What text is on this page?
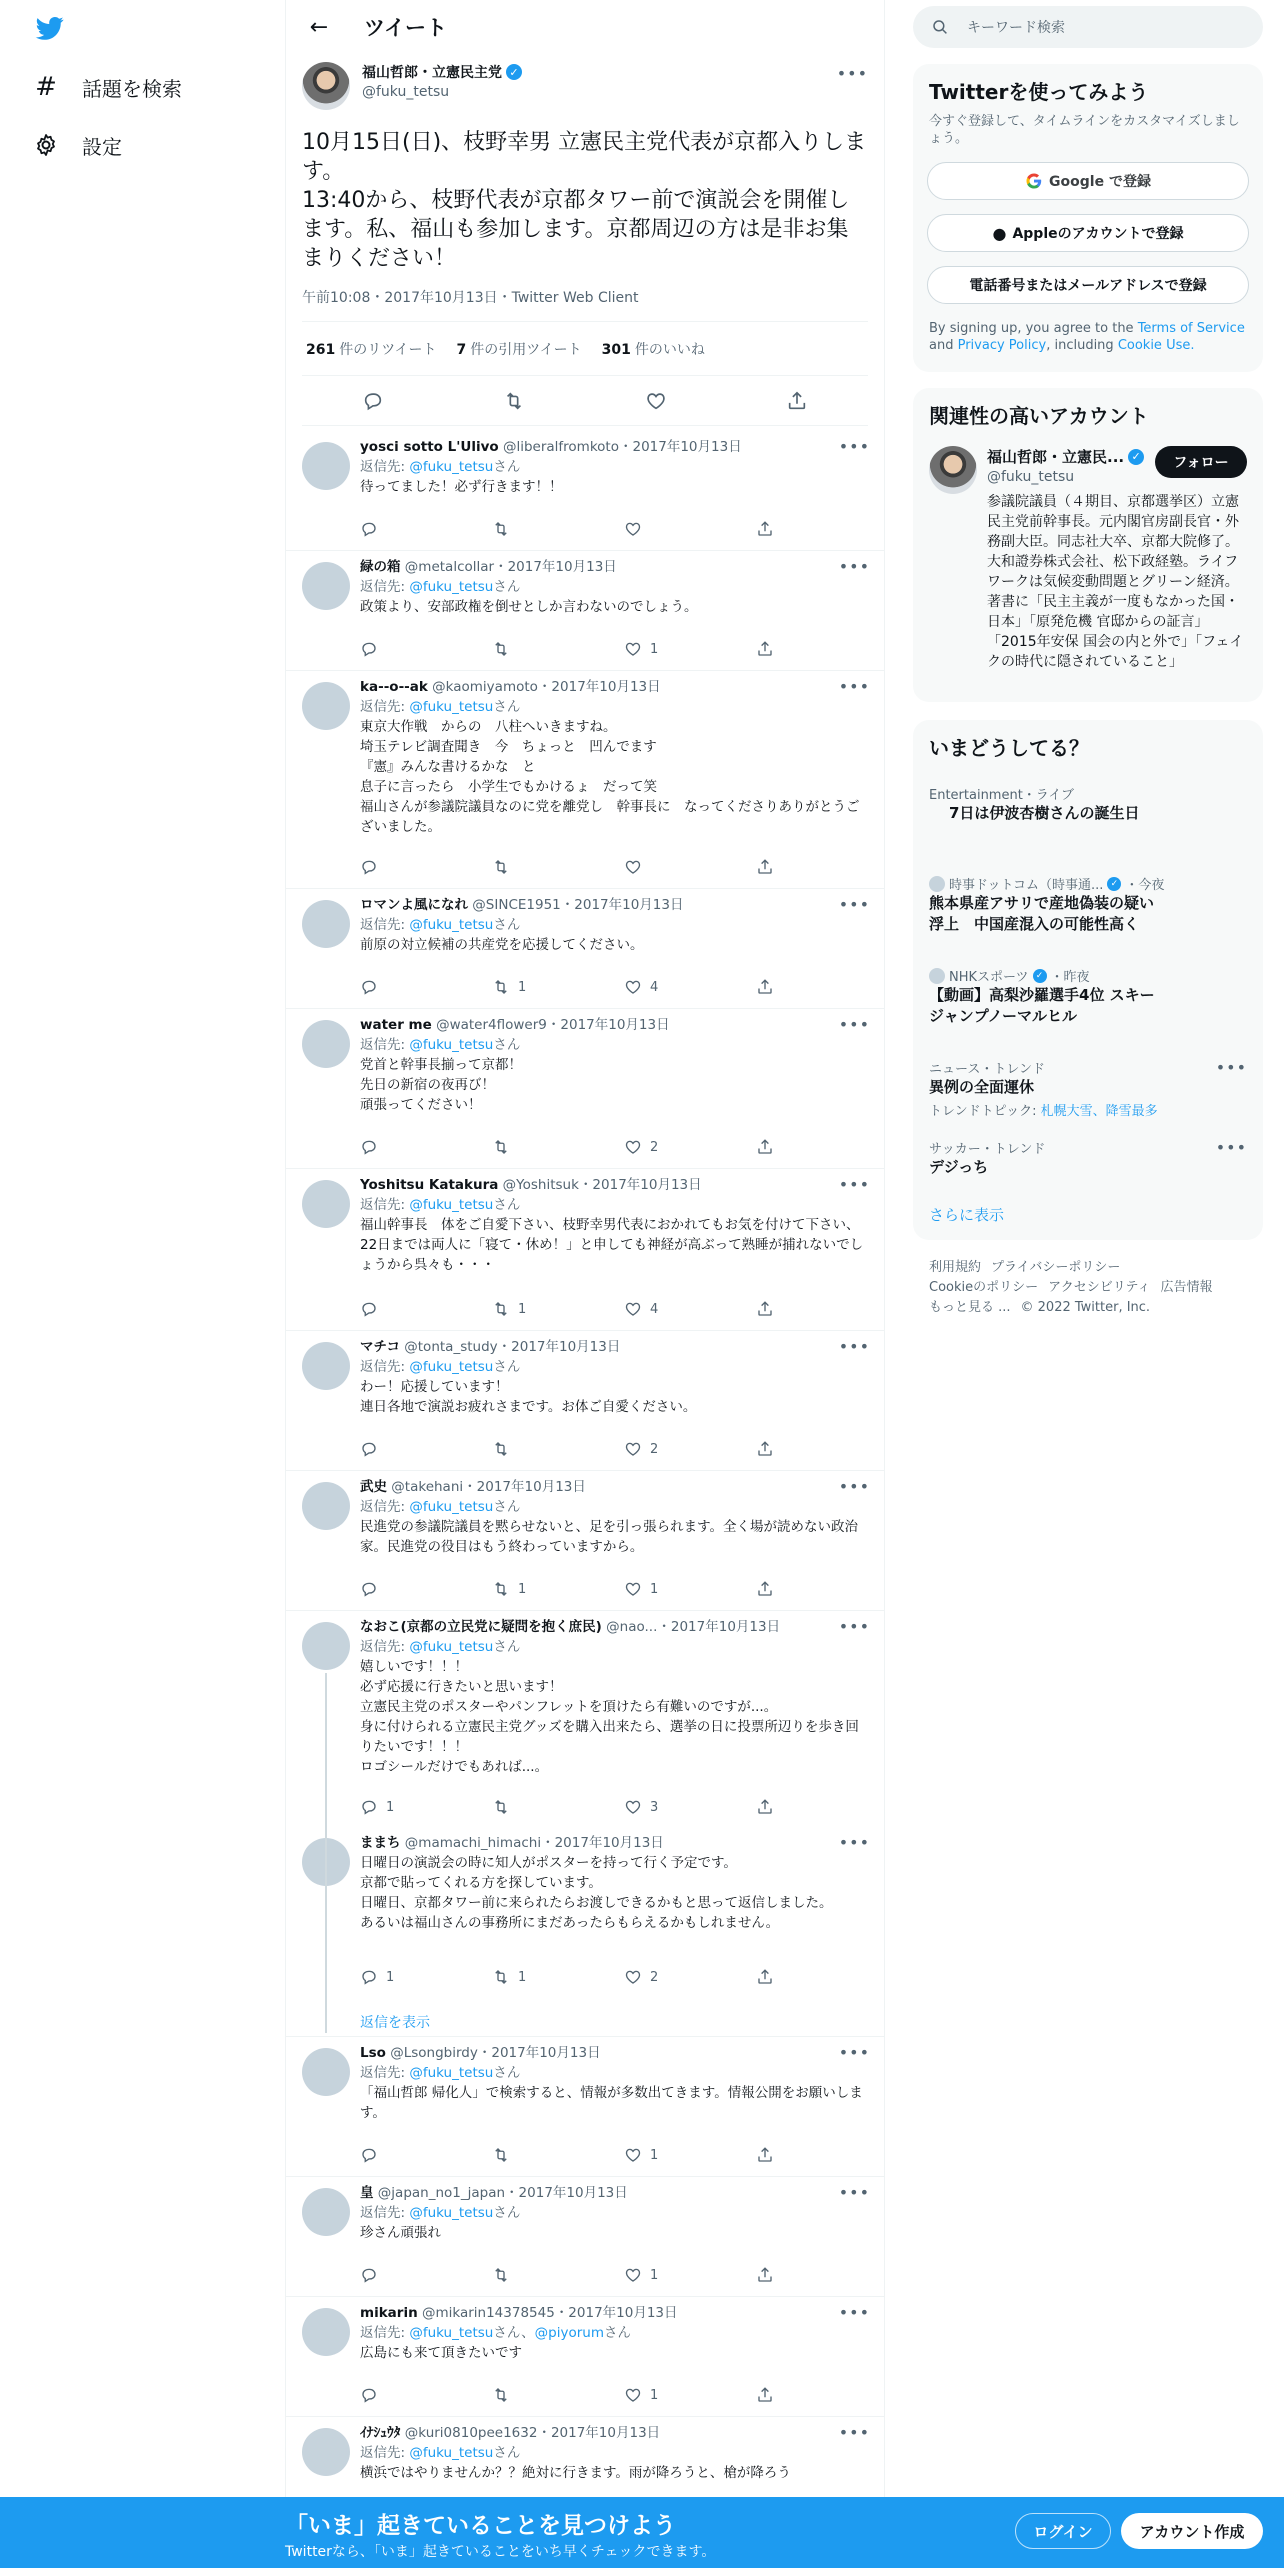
# 話題を検索
設定
←	ツイート
福山哲郎・立憲民主党 ✓
@fuku_tetsu
•••
10月15日(日)、枝野幸男 立憲民主党代表が京都入りします。
13:40から、枝野代表が京都タワー前で演説会を開催します。私、福山も参加します。京都周辺の方は是非お集まりください！
午前10:08・2017年10月13日・Twitter Web Client
261 件のリツイート 7 件の引用ツイート 301 件のいいね
yosci sotto L'Ulivo @liberalfromkoto・2017年10月13日
返信先: @fuku_tetsuさん
待ってました！必ず行きます！！
•••
緑の箱 @metalcollar・2017年10月13日
返信先: @fuku_tetsuさん
政策より、安部政権を倒せとしか言わないのでしょう。
•••
1
ka--o--ak @kaomiyamoto・2017年10月13日
返信先: @fuku_tetsuさん
東京大作戦　からの　八柱へいきますね。
埼玉テレビ調査聞き　今　ちょっと　凹んでます
『憲』みんな書けるかな　と
息子に言ったら　小学生でもかけるょ　だって笑
福山さんが参議院議員なのに党を離党し　幹事長に　なってくださりありがとうございました。
•••
ロマンよ風になれ @SINCE1951・2017年10月13日
返信先: @fuku_tetsuさん
前原の対立候補の共産党を応援してください。
•••
1	4
water me @water4flower9・2017年10月13日
返信先: @fuku_tetsuさん
党首と幹事長揃って京都！
先日の新宿の夜再び！
頑張ってください！
•••
2
Yoshitsu Katakura @Yoshitsuk・2017年10月13日
返信先: @fuku_tetsuさん
福山幹事長　体をご自愛下さい、枝野幸男代表におかれてもお気を付けて下さい、22日までは両人に「寝て・休め！」と申しても神経が高ぶって熟睡が捕れないでしょうから呉々も・・・
•••
1	4
マチコ @tonta_study・2017年10月13日
返信先: @fuku_tetsuさん
わー！応援しています！
連日各地で演説お疲れさまです。お体ご自愛ください。
•••
2
武史 @takehani・2017年10月13日
返信先: @fuku_tetsuさん
民進党の参議院議員を黙らせないと、足を引っ張られます。全く場が読めない政治家。民進党の役目はもう終わっていますから。
•••
1	1
なおこ(京都の立民党に疑問を抱く庶民) @nao...・2017年10月13日
返信先: @fuku_tetsuさん
嬉しいです！！！
必ず応援に行きたいと思います！
立憲民主党のポスターやパンフレットを頂けたら有難いのですが...。
身に付けられる立憲民主党グッズを購入出来たら、選挙の日に投票所辺りを歩き回りたいです！！！
ロゴシールだけでもあれば...。
•••
1	3
ままち @mamachi_himachi・2017年10月13日
日曜日の演説会の時に知人がポスターを持って行く予定です。
京都で貼ってくれる方を探しています。
日曜日、京都タワー前に来られたらお渡しできるかもと思って返信しました。
あるいは福山さんの事務所にまだあったらもらえるかもしれません。
•••
1	1	2
Lso @Lsongbirdy・2017年10月13日
返信先: @fuku_tetsuさん
「福山哲郎 帰化人」で検索すると、情報が多数出てきます。情報公開をお願いします。
•••
1
皇 @japan_no1_japan・2017年10月13日
返信先: @fuku_tetsuさん
珍さん頑張れ
•••
1
mikarin @mikarin14378545・2017年10月13日
返信先: @fuku_tetsuさん、@piyorumさん
広島にも来て頂きたいです
•••
1
ｲﾅｼｭｳﾀ @kuri0810pee1632・2017年10月13日
返信先: @fuku_tetsuさん
横浜ではやりませんか？？絶対に行きます。雨が降ろうと、槍が降ろう
•••
返信を表示
キーワード検索
Twitterを使ってみよう
今すぐ登録して、タイムラインをカスタマイズしましょう。
Google で登録
● Appleのアカウントで登録
電話番号またはメールアドレスで登録
By signing up, you agree to the Terms of Service and Privacy Policy, including Cookie Use.
関連性の高いアカウント
福山哲郎・立憲民... ✓
@fuku_tetsu
フォロー
参議院議員（４期目、京都選挙区）立憲民主党前幹事長。元内閣官房副長官・外務副大臣。同志社大卒、京都大院修了。大和證券株式会社、松下政経塾。ライフワークは気候変動問題とグリーン経済。著書に「民主主義が一度もなかった国・日本」「原発危機 官邸からの証言」「2015年安保 国会の内と外で」「フェイクの時代に隠されていること」
いまどうしてる？
Entertainment・ライブ
7日は伊波杏樹さんの誕生日
時事ドットコム（時事通... ✓ ・今夜
熊本県産アサリで産地偽装の疑い
浮上　中国産混入の可能性高く
NHKスポーツ ✓ ・昨夜
【動画】高梨沙羅選手4位 スキー
ジャンプノーマルヒル
ニュース・トレンド
異例の全面運休
トレンドトピック: 札幌大雪、降雪最多
•••
サッカー・トレンド
デジっち
•••
さらに表示
利用規約 プライバシーポリシー
Cookieのポリシー アクセシビリティ 広告情報
もっと見る ... © 2022 Twitter, Inc.
「いま」起きていることを見つけよう
Twitterなら、「いま」起きていることをいち早くチェックできます。
ログイン	アカウント作成
